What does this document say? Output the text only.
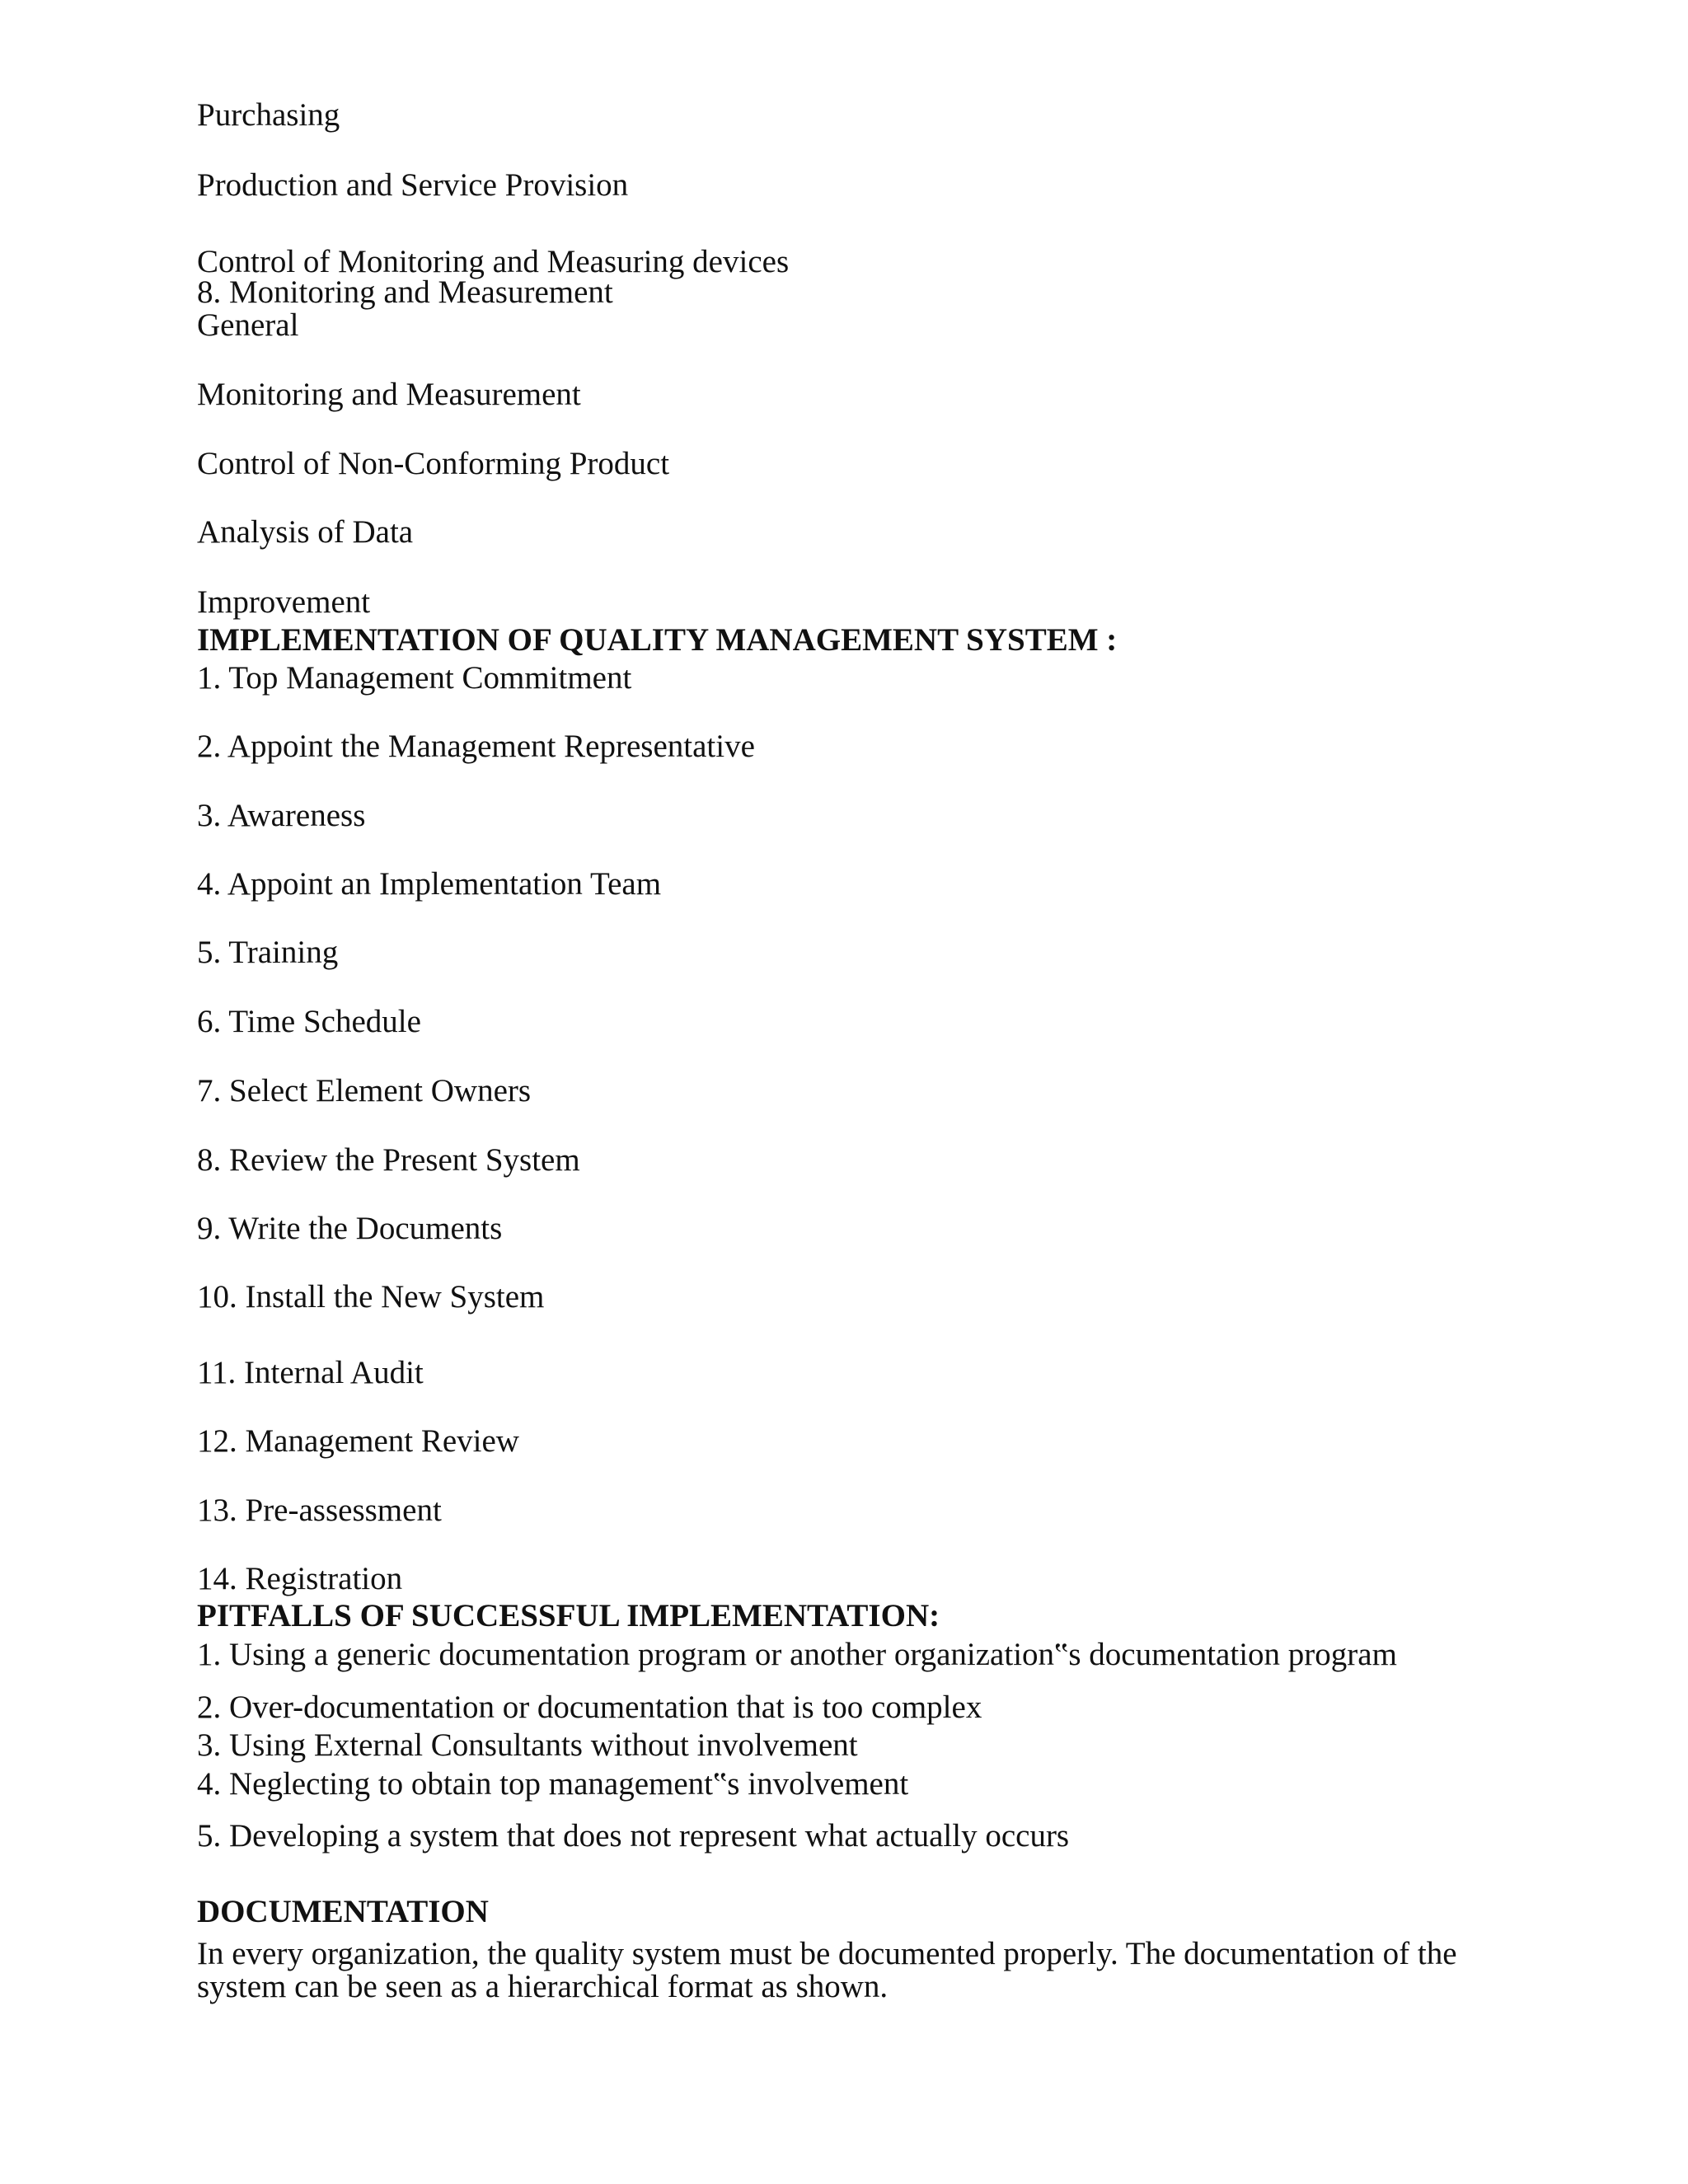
Purchasing
Production and Service Provision
Control of Monitoring and Measuring devices
8. Monitoring and Measurement
General
Monitoring and Measurement
Control of Non-Conforming Product
Analysis of Data
Improvement
IMPLEMENTATION OF QUALITY MANAGEMENT SYSTEM :
1. Top Management Commitment
2. Appoint the Management Representative
3. Awareness
4. Appoint an Implementation Team
5. Training
6. Time Schedule
7. Select Element Owners
8. Review the Present System
9. Write the Documents
10. Install the New System
11. Internal Audit
12. Management Review
13. Pre-assessment
14. Registration
PITFALLS OF SUCCESSFUL IMPLEMENTATION:
1. Using a generic documentation program or another organization‟s documentation program
2. Over-documentation or documentation that is too complex
3. Using External Consultants without involvement
4. Neglecting to obtain top management‟s involvement
5. Developing a system that does not represent what actually occurs
DOCUMENTATION
In every organization, the quality system must be documented properly. The documentation of the system can be seen as a hierarchical format as shown.
